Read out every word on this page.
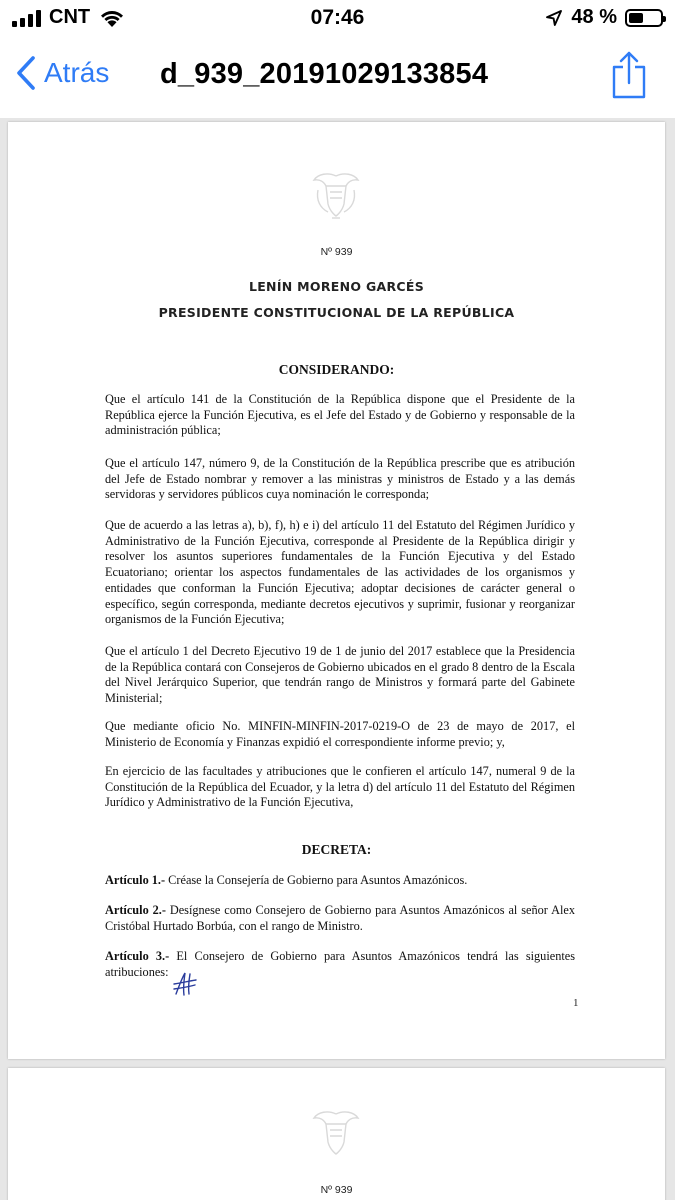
CNT	07:46	48 %
Atrás d_939_20191029133854
Nº 939
LENÍN MORENO GARCÉS
PRESIDENTE CONSTITUCIONAL DE LA REPÚBLICA
CONSIDERANDO:
Que el artículo 141 de la Constitución de la República dispone que el Presidente de la República ejerce la Función Ejecutiva, es el Jefe del Estado y de Gobierno y responsable de la administración pública;
Que el artículo 147, número 9, de la Constitución de la República prescribe que es atribución del Jefe de Estado nombrar y remover a las ministras y ministros de Estado y a las demás servidoras y servidores públicos cuya nominación le corresponda;
Que de acuerdo a las letras a), b), f), h) e i) del artículo 11 del Estatuto del Régimen Jurídico y Administrativo de la Función Ejecutiva, corresponde al Presidente de la República dirigir y resolver los asuntos superiores fundamentales de la Función Ejecutiva y del Estado Ecuatoriano; orientar los aspectos fundamentales de las actividades de los organismos y entidades que conforman la Función Ejecutiva; adoptar decisiones de carácter general o específico, según corresponda, mediante decretos ejecutivos y suprimir, fusionar y reorganizar organismos de la Función Ejecutiva;
Que el artículo 1 del Decreto Ejecutivo 19 de 1 de junio del 2017 establece que la Presidencia de la República contará con Consejeros de Gobierno ubicados en el grado 8 dentro de la Escala del Nivel Jerárquico Superior, que tendrán rango de Ministros y formará parte del Gabinete Ministerial;
Que mediante oficio No. MINFIN-MINFIN-2017-0219-O de 23 de mayo de 2017, el Ministerio de Economía y Finanzas expidió el correspondiente informe previo; y,
En ejercicio de las facultades y atribuciones que le confieren el artículo 147, numeral 9 de la Constitución de la República del Ecuador, y la letra d) del artículo 11 del Estatuto del Régimen Jurídico y Administrativo de la Función Ejecutiva,
DECRETA:
Artículo 1.- Créase la Consejería de Gobierno para Asuntos Amazónicos.
Artículo 2.- Desígnese como Consejero de Gobierno para Asuntos Amazónicos al señor Alex Cristóbal Hurtado Borbúa, con el rango de Ministro.
Artículo 3.- El Consejero de Gobierno para Asuntos Amazónicos tendrá las siguientes atribuciones:
1
Nº 939
